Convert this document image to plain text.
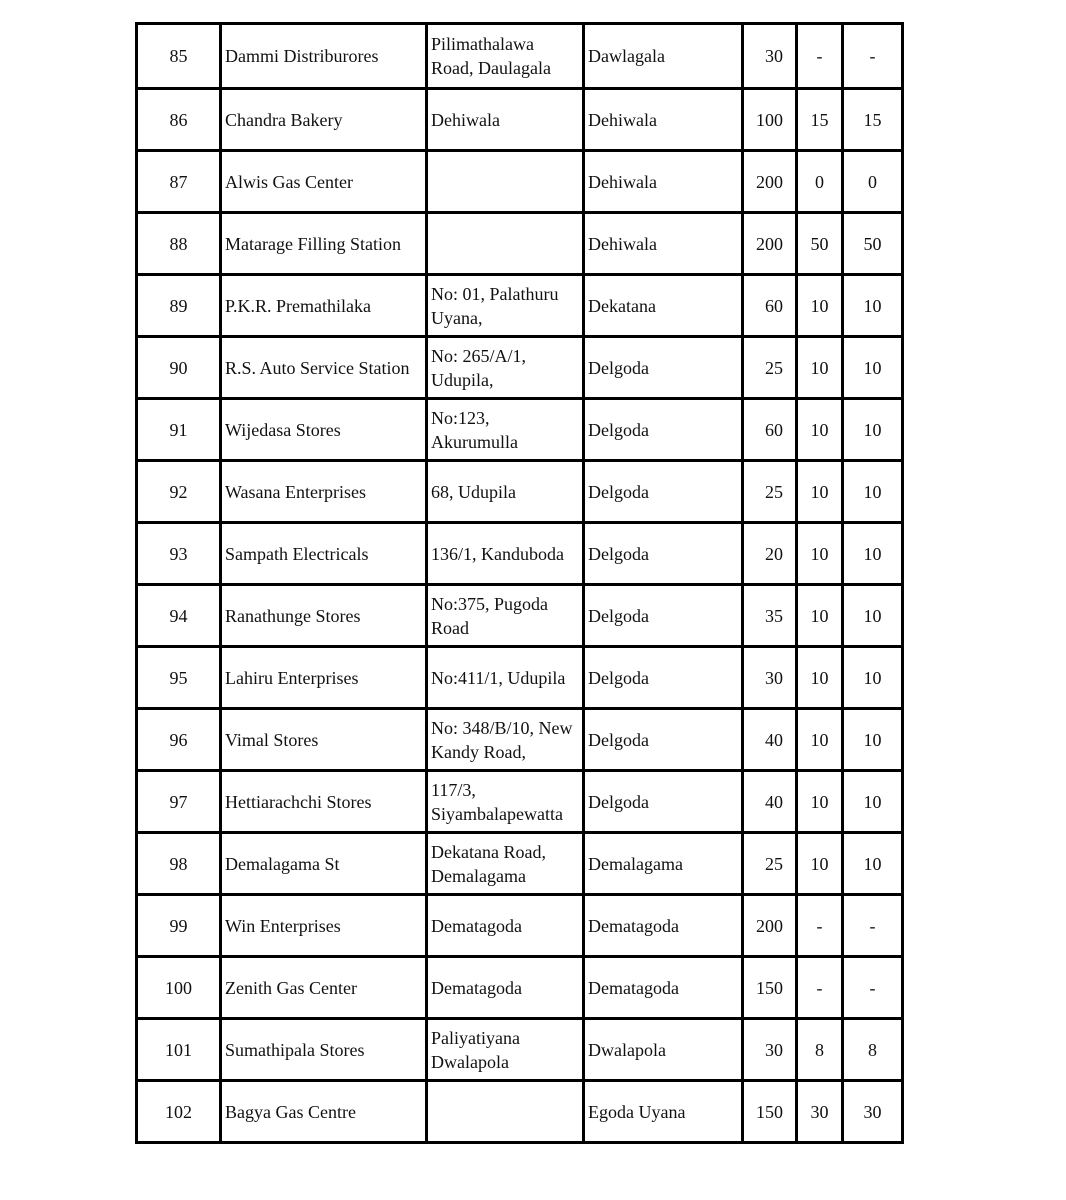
85	Dammi Distriburores	Pilimathalawa Road, Daulagala	Dawlagala	30	-	-
86	Chandra Bakery	Dehiwala	Dehiwala	100	15	15
87	Alwis Gas Center		Dehiwala	200	0	0
88	Matarage Filling Station		Dehiwala	200	50	50
89	P.K.R. Premathilaka	No: 01, Palathuru Uyana,	Dekatana	60	10	10
90	R.S. Auto Service Station	No: 265/A/1, Udupila,	Delgoda	25	10	10
91	Wijedasa Stores	No:123, Akurumulla	Delgoda	60	10	10
92	Wasana Enterprises	68, Udupila	Delgoda	25	10	10
93	Sampath Electricals	136/1, Kanduboda	Delgoda	20	10	10
94	Ranathunge Stores	No:375, Pugoda Road	Delgoda	35	10	10
95	Lahiru Enterprises	No:411/1, Udupila	Delgoda	30	10	10
96	Vimal Stores	No: 348/B/10, New Kandy Road,	Delgoda	40	10	10
97	Hettiarachchi Stores	117/3, Siyambalapewatta	Delgoda	40	10	10
98	Demalagama St	Dekatana Road, Demalagama	Demalagama	25	10	10
99	Win Enterprises	Dematagoda	Dematagoda	200	-	-
100	Zenith Gas Center	Dematagoda	Dematagoda	150	-	-
101	Sumathipala Stores	Paliyatiyana Dwalapola	Dwalapola	30	8	8
102	Bagya Gas Centre		Egoda Uyana	150	30	30
